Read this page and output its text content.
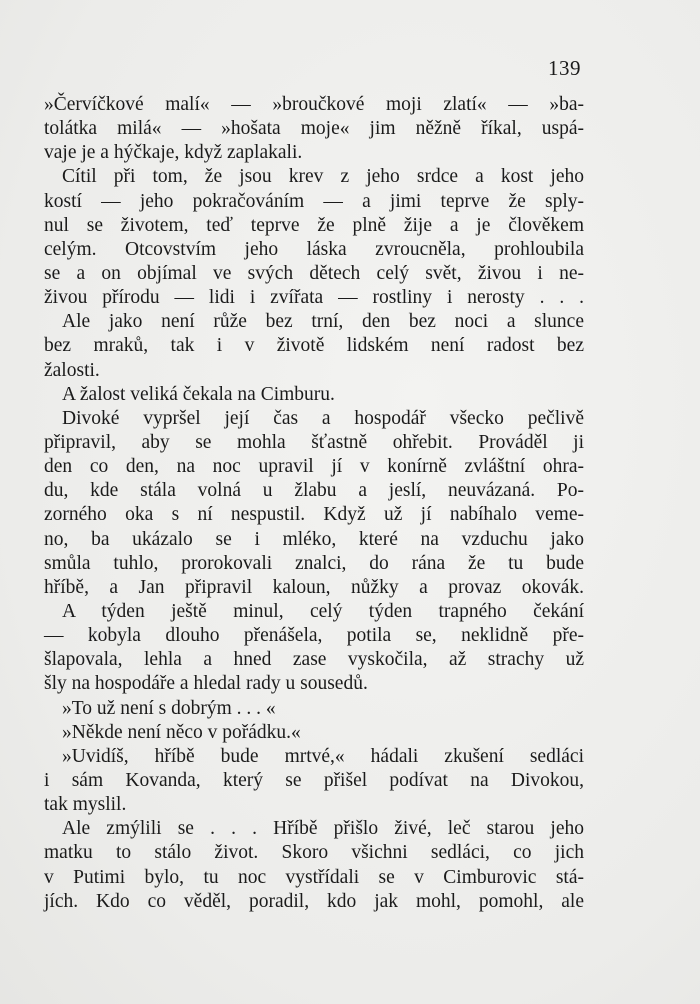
139
»Červíčkové malí« — »broučkové moji zlatí« — »ba-
tolátka milá« — »hošata moje« jim něžně říkal, uspá-
vaje je a hýčkaje, když zaplakali.
Cítil při tom, že jsou krev z jeho srdce a kost jeho
kostí — jeho pokračováním — a jimi teprve že sply-
nul se životem, teď teprve že plně žije a je člověkem
celým. Otcovstvím jeho láska zvroucněla, prohloubila
se a on objímal ve svých dětech celý svět, živou i ne-
živou přírodu — lidi i zvířata — rostliny i nerosty . . .
Ale jako není růže bez trní, den bez noci a slunce
bez mraků, tak i v životě lidském není radost bez
žalosti.
A žalost veliká čekala na Cimburu.
Divoké vypršel její čas a hospodář všecko pečlivě
připravil, aby se mohla šťastně ohřebit. Prováděl ji
den co den, na noc upravil jí v konírně zvláštní ohra-
du, kde stála volná u žlabu a jeslí, neuvázaná. Po-
zorného oka s ní nespustil. Když už jí nabíhalo veme-
no, ba ukázalo se i mléko, které na vzduchu jako
smůla tuhlo, prorokovali znalci, do rána že tu bude
hříbě, a Jan připravil kaloun, nůžky a provaz okovák.
A týden ještě minul, celý týden trapného čekání
— kobyla dlouho přenášela, potila se, neklidně pře-
šlapovala, lehla a hned zase vyskočila, až strachy už
šly na hospodáře a hledal rady u sousedů.
»To už není s dobrým . . . «
»Někde není něco v pořádku.«
»Uvidíš, hříbě bude mrtvé,« hádali zkušení sedláci
i sám Kovanda, který se přišel podívat na Divokou,
tak myslil.
Ale zmýlili se . . . Hříbě přišlo živé, leč starou jeho
matku to stálo život. Skoro všichni sedláci, co jich
v Putimi bylo, tu noc vystřídali se v Cimburovic stá-
jích. Kdo co věděl, poradil, kdo jak mohl, pomohl, ale
